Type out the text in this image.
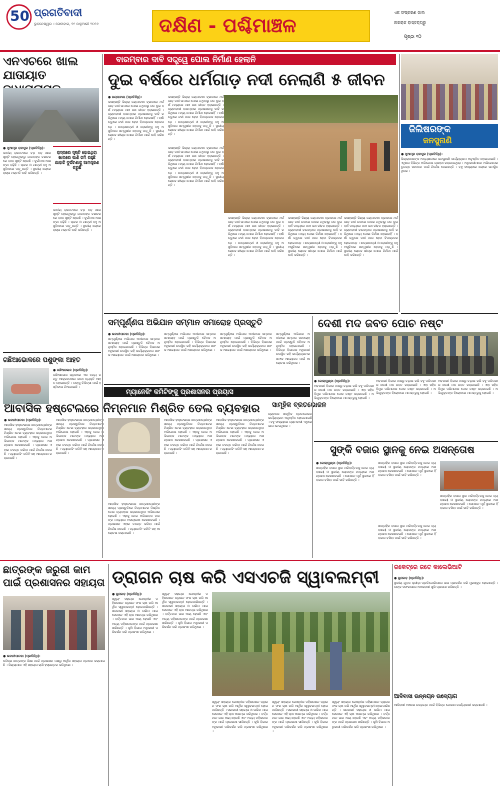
50 ପ୍ରଗତିବାଦୀ
ଭୁବନେଶ୍ୱର । ସୋମବାର, ୧୯ ଜାନୁଆରୀ ୨୦୨୬	ଦକ୍ଷିଣ - ପଶ୍ଚିମାଞ୍ଚଳ
ଏକ ସଂସ୍କରଣ ଜାଲ
ନାଗରାକ ବାସ୍ତବ୍ୟରୁ
ପୃଷ୍ଠା ୧୦
ଏନଏଚରେ ଖାଲ ଯାତାୟାତ
● ଥୁଆମୂଳ ରାମପୁର (ପ୍ରତିନିଧି):
ଜାତୀୟ ରାଜପଥରେ ବଡ଼ ବଡ଼ ଖାଲ ସୃଷ୍ଟି ହୋଇଥିବାରୁ ଯାନବାହନ ଚଳାଚଳରେ ବାଧା ସୃଷ୍ଟି ହେଉଛି । ଦୁର୍ଘଟଣା ଆଶଙ୍କା ବଢ଼ିଛି । ଚାଳକ ଓ ଯାତ୍ରୀ ବହୁ ଅସୁବିଧାରେ ପଡ଼ୁଛନ୍ତି । ସ୍ଥାନୀୟ ଲୋକେ ରାସ୍ତା ମରାମତି ଦାବି କରିଛନ୍ତି ।
ରାସ୍ତାରେ ସୃଷ୍ଟି ହୋଇଥିବା ଖାଲରେ ପାଣି ଜମି ରହୁଛି ଯାହାକି ଦୁର୍ଘଟଣାକୁ ଆମନ୍ତ୍ରଣ କରୁଛି
ଜାତୀୟ ରାଜପଥରେ ବଡ଼ ବଡ଼ ଖାଲ ସୃଷ୍ଟି ହୋଇଥିବାରୁ ଯାନବାହନ ଚଳାଚଳରେ ବାଧା ସୃଷ୍ଟି ହେଉଛି । ଦୁର୍ଘଟଣା ଆଶଙ୍କା ବଢ଼ିଛି । ଚାଳକ ଓ ଯାତ୍ରୀ ବହୁ ଅସୁବିଧାରେ ପଡ଼ୁଛନ୍ତି । ସ୍ଥାନୀୟ ଲୋକେ ରାସ୍ତା ମରାମତି ଦାବି କରିଛନ୍ତି ।
ଗଛିଆଭୋଳରେ ପଶୁଙ୍କା ଆହତ
● ଗଛିଆଭୋଳ (ପ୍ରତିନିଧି):
ଗଛିଆଭୋଳ ଗ୍ରାମରେ ଏକ ବନ୍ୟ ଜନ୍ତୁ ଆକ୍ରମଣରେ ଜଣେ ବ୍ୟକ୍ତି ଆହତ ହୋଇଛନ୍ତି । ତାଙ୍କୁ ଚିକିତ୍ସା ପାଇଁ ହସ୍ପିଟାଲ ନିଆଯାଇଛି ।
ବାରମ୍ବାର ଦାବି ସତ୍ତ୍ୱେ ପୋଲ ନିର୍ମାଣ ହେଲାନି
ଦୁଇ ବର୍ଷରେ ଧର୍ମଗାଡ଼ ନଦୀ ନେଲାଣି ୫ ଜୀବନ
● ଜୟପାଟଣା (ପ୍ରତିନିଧି):
କଳାହାଣ୍ଡି ଜିଲ୍ଲା ଜୟପାଟଣା ବ୍ଲକରେ ଧର୍ମଗାଡ଼ ନଦୀ ଉପରେ ପୋଲ ନଥିବାରୁ ଗତ ଦୁଇ ବର୍ଷ ମଧ୍ୟରେ ପାଞ୍ଚ ଜଣ ଜୀବନ ହରାଇଛନ୍ତି । ଗ୍ରାମବାସୀ ବାରମ୍ବାର ପ୍ରଶାସନକୁ ଦାବି କରିଥିଲେ ମଧ୍ୟ ପୋଲ ନିର୍ମାଣ ହୋଇନାହିଁ । ବର୍ଷା ଋତୁରେ ନଦୀ ପାର ହେବା ବିପଜ୍ଜନକ ହୋଇପଡ଼େ । ଛାତ୍ରଛାତ୍ରୀ ଓ ରୋଗୀଙ୍କୁ ବହୁ ଅସୁବିଧାର ସମ୍ମୁଖୀନ ହେବାକୁ ପଡ଼ୁଛି । ସ୍ଥାନୀୟ ଲୋକେ ଶୀଘ୍ର ପୋଲ ନିର୍ମାଣ ପାଇଁ ଦାବି କରିଛନ୍ତି ।
କଳାହାଣ୍ଡି ଜିଲ୍ଲା ଜୟପାଟଣା ବ୍ଲକରେ ଧର୍ମଗାଡ଼ ନଦୀ ଉପରେ ପୋଲ ନଥିବାରୁ ଗତ ଦୁଇ ବର୍ଷ ମଧ୍ୟରେ ପାଞ୍ଚ ଜଣ ଜୀବନ ହରାଇଛନ୍ତି  ଗ୍ରାମବାସୀ ବାରମ୍ବାର ପ୍ରଶାସନକୁ ଦାବି କରିଥିଲେ ମଧ୍ୟ ପୋଲ ନିର୍ମାଣ ହୋଇନାହିଁ । ବର୍ଷା ଋତୁରେ ନଦୀ ପାର ହେବା ବିପଜ୍ଜନକ ହୋଇପଡ଼େ । ଛାତ୍ରଛାତ୍ରୀ ଓ ରୋଗୀଙ୍କୁ ବହୁ ଅସୁବିଧାର ସମ୍ମୁଖୀନ ହେବାକୁ ପଡ଼ୁଛି । ସ୍ଥାନୀୟ ଲୋକେ ଶୀଘ୍ର ପୋଲ ନିର୍ମାଣ ପାଇଁ ଦାବି କରିଛନ୍ତି ।
କଳାହାଣ୍ଡି ଜିଲ୍ଲା ଜୟପାଟଣା ବ୍ଲକରେ ଧର୍ମଗାଡ଼ ନଦୀ ଉପରେ ପୋଲ ନଥିବାରୁ ଗତ ଦୁଇ ବର୍ଷ ମଧ୍ୟରେ ପାଞ୍ଚ ଜଣ ଜୀବନ ହରାଇଛନ୍ତି । ଗ୍ରାମବାସୀ ବାରମ୍ବାର ପ୍ରଶାସନକୁ ଦାବି କରିଥିଲେ ମଧ୍ୟ ପୋଲ ନିର୍ମାଣ ହୋଇନାହିଁ । ବର୍ଷା ଋତୁରେ ନଦୀ ପାର ହେବା ବିପଜ୍ଜନକ ହୋଇପଡ଼େ । ଛାତ୍ରଛାତ୍ରୀ ଓ ରୋଗୀଙ୍କୁ ବହୁ ଅସୁବିଧାର ସମ୍ମୁଖୀନ ହେବାକୁ ପଡ଼ୁଛି । ସ୍ଥାନୀୟ ଲୋକେ ଶୀଘ୍ର ପୋଲ ନିର୍ମାଣ ପାଇଁ ଦାବି କରିଛନ୍ତି ।
କଳାହାଣ୍ଡି ଜିଲ୍ଲା ଜୟପାଟଣା ବ୍ଲକରେ ଧର୍ମଗାଡ଼ ନଦୀ ଉପରେ ପୋଲ ନଥିବାରୁ ଗତ ଦୁଇ ବର୍ଷ ମଧ୍ୟରେ ପାଞ୍ଚ ଜଣ ଜୀବନ ହରାଇଛନ୍ତି । ଗ୍ରାମବାସୀ ବାରମ୍ବାର ପ୍ରଶାସନକୁ ଦାବି କରିଥିଲେ ମଧ୍ୟ ପୋଲ ନିର୍ମାଣ ହୋଇନାହିଁ । ବର୍ଷା ଋତୁରେ ନଦୀ ପାର ହେବା ବିପଜ୍ଜନକ ହୋଇପଡ଼େ । ଛାତ୍ରଛାତ୍ରୀ ଓ ରୋଗୀଙ୍କୁ ବହୁ ଅସୁବିଧାର ସମ୍ମୁଖୀନ ହେବାକୁ ପଡ଼ୁଛି । ସ୍ଥାନୀୟ ଲୋକେ ଶୀଘ୍ର ପୋଲ ନିର୍ମାଣ ପାଇଁ ଦାବି କରିଛନ୍ତି ।
କଳାହାଣ୍ଡି ଜିଲ୍ଲା ଜୟପାଟଣା ବ୍ଲକରେ ଧର୍ମଗାଡ଼ ନଦୀ ଉପରେ ପୋଲ ନଥିବାରୁ ଗତ ଦୁଇ ବର୍ଷ ମଧ୍ୟରେ ପାଞ୍ଚ ଜଣ ଜୀବନ ହରାଇଛନ୍ତି । ଗ୍ରାମବାସୀ ବାରମ୍ବାର ପ୍ରଶାସନକୁ ଦାବି କରିଥିଲେ ମଧ୍ୟ ପୋଲ ନିର୍ମାଣ ହୋଇନାହିଁ । ବର୍ଷା ଋତୁରେ ନଦୀ ପାର ହେବା ବିପଜ୍ଜନକ ହୋଇପଡ଼େ । ଛାତ୍ରଛାତ୍ରୀ ଓ ରୋଗୀଙ୍କୁ ବହୁ ଅସୁବିଧାର ସମ୍ମୁଖୀନ ହେବାକୁ ପଡ଼ୁଛି । ସ୍ଥାନୀୟ ଲୋକେ ଶୀଘ୍ର ପୋଲ ନିର୍ମାଣ ପାଇଁ ଦାବି କରିଛନ୍ତି ।
କଳାହାଣ୍ଡି ଜିଲ୍ଲା ଜୟପାଟଣା ବ୍ଲକରେ ଧର୍ମଗାଡ଼ ନଦୀ ଉପରେ ପୋଲ ନଥିବାରୁ ଗତ ଦୁଇ ବର୍ଷ ମଧ୍ୟରେ ପାଞ୍ଚ ଜଣ ଜୀବନ ହରାଇଛନ୍ତି । ଗ୍ରାମବାସୀ ବାରମ୍ବାର ପ୍ରଶାସନକୁ ଦାବି କରିଥିଲେ ମଧ୍ୟ ପୋଲ ନିର୍ମାଣ ହୋଇନାହିଁ । ବର୍ଷା ଋତୁରେ ନଦୀ ପାର ହେବା ବିପଜ୍ଜନକ ହୋଇପଡ଼େ । ଛାତ୍ରଛାତ୍ରୀ ଓ ରୋଗୀଙ୍କୁ ବହୁ ଅସୁବିଧାର ସମ୍ମୁଖୀନ ହେବାକୁ ପଡ଼ୁଛି । ସ୍ଥାନୀୟ ଲୋକେ ଶୀଘ୍ର ପୋଲ ନିର୍ମାଣ ପାଇଁ ଦାବି କରିଛନ୍ତି ।
ଜିଲିଷରଙ୍କ
ଜନସୁନାଣି
● ଥୁଆମୂଳ ରାମପୁର (ପ୍ରତିନିଧି):
ଜିଲ୍ଲାପାଳଙ୍କ ଅଧ୍ୟକ୍ଷତାରେ ଜନସୁଣାଣି କାର୍ଯ୍ୟକ୍ରମ ଅନୁଷ୍ଠିତ ହୋଇଯାଇଛି । ଏଥିରେ ବିଭିନ୍ନ ଅଭିଯୋଗ ଗ୍ରହଣ କରାଯାଇଥିଲା । ଅଧିକାରୀମାନେ ଅଭିଯୋଗର ତୁରନ୍ତ ସମାଧାନ ପାଇଁ ନିର୍ଦ୍ଦେଶ ଦେଇଛନ୍ତି । ବହୁ ସଂଖ୍ୟାରେ ଲୋକେ ଉପସ୍ଥିତ ଥିଲେ ।
ସମ୍ପୂର୍ଣ୍ଣତା ଅଭିଯାନ ସମ୍ମାନ ସମାରୋହ ପ୍ରସ୍ତୁତି
● ଭବାନୀପାଟଣା (ପ୍ରତିନିଧି):
ସମ୍ପୂର୍ଣ୍ଣତା ଅଭିଯାନ ଅଧୀନରେ ସମ୍ମାନ ସମାରୋହ ପାଇଁ ପ୍ରସ୍ତୁତି ବୈଠକ ଅନୁଷ୍ଠିତ ହୋଇଯାଇଛି । ବିଭିନ୍ନ ବିଭାଗର ଅଧିକାରୀ ଉପସ୍ଥିତ ରହି କାର୍ଯ୍ୟକ୍ରମର ସଫଳ ଆୟୋଜନ ପାଇଁ ଆଲୋଚନା କରିଥିଲେ ।
ସମ୍ପୂର୍ଣ୍ଣତା ଅଭିଯାନ ଅଧୀନରେ ସମ୍ମାନ ସମାରୋହ ପାଇଁ ପ୍ରସ୍ତୁତି ବୈଠକ ଅନୁଷ୍ଠିତ ହୋଇଯାଇଛି । ବିଭିନ୍ନ ବିଭାଗର ଅଧିକାରୀ ଉପସ୍ଥିତ ରହି କାର୍ଯ୍ୟକ୍ରମର ସଫଳ ଆୟୋଜନ ପାଇଁ ଆଲୋଚନା କରିଥିଲେ ।
ସମ୍ପୂର୍ଣ୍ଣତା ଅଭିଯାନ ଅଧୀନରେ ସମ୍ମାନ ସମାରୋହ ପାଇଁ ପ୍ରସ୍ତୁତି ବୈଠକ ଅନୁଷ୍ଠିତ ହୋଇଯାଇଛି । ବିଭିନ୍ନ ବିଭାଗର ଅଧିକାରୀ ଉପସ୍ଥିତ ରହି କାର୍ଯ୍ୟକ୍ରମର ସଫଳ ଆୟୋଜନ ପାଇଁ ଆଲୋଚନା କରିଥିଲେ ।
ସମ୍ପୂର୍ଣ୍ଣତା ଅଭିଯାନ ଅଧୀନରେ ସମ୍ମାନ ସମାରୋହ ପାଇଁ ପ୍ରସ୍ତୁତି ବୈଠକ ଅନୁଷ୍ଠିତ ହୋଇଯାଇଛି । ବିଭିନ୍ନ ବିଭାଗର ଅଧିକାରୀ ଉପସ୍ଥିତ ରହି କାର୍ଯ୍ୟକ୍ରମର ସଫଳ ଆୟୋଜନ ପାଇଁ ଆଲୋଚନା କରିଥିଲେ ।
ଦେଶୀ ମଦ ଜବତ ପୋଚ ନଷ୍ଟ
● ଗୋଲାମୁଣ୍ଡା (ପ୍ରତିନିଧି):
ଅବକାରୀ ବିଭାଗ ପକ୍ଷରୁ ଚଢ଼ାଉ କରି ବହୁ ପରିମାଣର ଦେଶୀ ମଦ ଜବତ କରାଯାଇଛି । ଏହା ସହିତ ବିପୁଳ ପରିମାଣର ପୋଚ ନଷ୍ଟ କରାଯାଇଛି । ଅଭିଯୁକ୍ତଙ୍କ ବିରୋଧରେ ମାମଲା ରୁଜୁ ହୋଇଛି ।
ଅବକାରୀ ବିଭାଗ ପକ୍ଷରୁ ଚଢ଼ାଉ କରି ବହୁ ପରିମାଣର ଦେଶୀ ମଦ ଜବତ କରାଯାଇଛି । ଏହା ସହିତ ବିପୁଳ ପରିମାଣର ପୋଚ ନଷ୍ଟ କରାଯାଇଛି । ଅଭିଯୁକ୍ତଙ୍କ ବିରୋଧରେ ମାମଲା ରୁଜୁ ହୋଇଛି ।
ଅବକାରୀ ବିଭାଗ ପକ୍ଷରୁ ଚଢ଼ାଉ କରି ବହୁ ପରିମାଣର ଦେଶୀ ମଦ ଜବତ କରାଯାଇଛି । ଏହା ସହିତ ବିପୁଳ ପରିମାଣର ପୋଚ ନଷ୍ଟ କରାଯାଇଛି । ଅଭିଯୁକ୍ତଙ୍କ ବିରୋଧରେ ମାମଲା ରୁଜୁ ହୋଇଛି ।
ମ୍ୟାନେଜିଂ କମିଟିଙ୍କୁ ପ୍ରଶାସନର ପ୍ରୟାସ
ଆବାସିକ ହଷ୍ଟେଲରେ ନିମ୍ନମାନ ମିଶ୍ରିତ ତେଲ ବ୍ୟବହାର
● ଭବାନୀପାଟଣା (ପ୍ରତିନିଧି):
ଆବାସିକ ହଷ୍ଟେଲରେ ଛାତ୍ରଛାତ୍ରୀଙ୍କ ଖାଦ୍ୟ ପ୍ରସ୍ତୁତିରେ ନିମ୍ନମାନର ମିଶ୍ରିତ ତେଲ ବ୍ୟବହାର କରାଯାଉଥିବା ଅଭିଯୋଗ ହୋଇଛି । ଏହାକୁ ନେଇ ଅଭିଭାବକ ମାନଙ୍କ ମଧ୍ୟରେ ଅସନ୍ତୋଷ ଦେଖାଦେଇଛି । ପ୍ରଶାସନ ଏହାର ତଦନ୍ତ କରିବା ପାଇଁ ନିର୍ଦ୍ଦେଶ ଦେଇଛି । ମ୍ୟାନେଜିଂ କମିଟି ସହ ଆଲୋଚନା କରାଯାଇଛି ।
ଆବାସିକ ହଷ୍ଟେଲରେ ଛାତ୍ରଛାତ୍ରୀଙ୍କ ଖାଦ୍ୟ ପ୍ରସ୍ତୁତିରେ ନିମ୍ନମାନର ମିଶ୍ରିତ ତେଲ ବ୍ୟବହାର କରାଯାଉଥିବା ଅଭିଯୋଗ ହୋଇଛି । ଏହାକୁ ନେଇ ଅଭିଭାବକ ମାନଙ୍କ ମଧ୍ୟରେ ଅସନ୍ତୋଷ ଦେଖାଦେଇଛି । ପ୍ରଶାସନ ଏହାର ତଦନ୍ତ କରିବା ପାଇଁ ନିର୍ଦ୍ଦେଶ ଦେଇଛି । ମ୍ୟାନେଜିଂ କମିଟି ସହ ଆଲୋଚନା କରାଯାଇଛି ।
ଆବାସିକ ହଷ୍ଟେଲରେ ଛାତ୍ରଛାତ୍ରୀଙ୍କ ଖାଦ୍ୟ ପ୍ରସ୍ତୁତିରେ ନିମ୍ନମାନର ମିଶ୍ରିତ ତେଲ ବ୍ୟବହାର କରାଯାଉଥିବା ଅଭିଯୋଗ ହୋଇଛି । ଏହାକୁ ନେଇ ଅଭିଭାବକ ମାନଙ୍କ ମଧ୍ୟରେ ଅସନ୍ତୋଷ ଦେଖାଦେଇଛି । ପ୍ରଶାସନ ଏହାର ତଦନ୍ତ କରିବା ପାଇଁ ନିର୍ଦ୍ଦେଶ ଦେଇଛି । ମ୍ୟାନେଜିଂ କମିଟି ସହ ଆଲୋଚନା କରାଯାଇଛି ।
ଆବାସିକ ହଷ୍ଟେଲରେ ଛାତ୍ରଛାତ୍ରୀଙ୍କ ଖାଦ୍ୟ ପ୍ରସ୍ତୁତିରେ ନିମ୍ନମାନର ମିଶ୍ରିତ ତେଲ ବ୍ୟବହାର କରାଯାଉଥିବା ଅଭିଯୋଗ ହୋଇଛି । ଏହାକୁ ନେଇ ଅଭିଭାବକ ମାନଙ୍କ ମଧ୍ୟରେ ଅସନ୍ତୋଷ ଦେଖାଦେଇଛି । ପ୍ରଶାସନ ଏହାର ତଦନ୍ତ କରିବା ପାଇଁ ନିର୍ଦ୍ଦେଶ ଦେଇଛି । ମ୍ୟାନେଜିଂ କମିଟି ସହ ଆଲୋଚନା କରାଯାଇଛି ।
ଆବାସିକ ହଷ୍ଟେଲରେ ଛାତ୍ରଛାତ୍ରୀଙ୍କ ଖାଦ୍ୟ ପ୍ରସ୍ତୁତିରେ ନିମ୍ନମାନର ମିଶ୍ରିତ ତେଲ ବ୍ୟବହାର କରାଯାଉଥିବା ଅଭିଯୋଗ ହୋଇଛି । ଏହାକୁ ନେଇ ଅଭିଭାବକ ମାନଙ୍କ ମଧ୍ୟରେ ଅସନ୍ତୋଷ ଦେଖାଦେଇଛି । ପ୍ରଶାସନ ଏହାର ତଦନ୍ତ କରିବା ପାଇଁ ନିର୍ଦ୍ଦେଶ ଦେଇଛି । ମ୍ୟାନେଜିଂ କମିଟି ସହ ଆଲୋଚନା କରାଯାଇଛି ।
ସାମୂହିକ ବ୍ରତଭୋଜନ
ଗ୍ରାମରେ ସାମୂହିକ ବ୍ରତଭୋଜନ କାର୍ଯ୍ୟକ୍ରମ ଅନୁଷ୍ଠିତ ହୋଇଯାଇଛି । ବହୁ ସଂଖ୍ୟାରେ ଗ୍ରାମବାସୀ ଏଥିରେ ଭାଗ ନେଇଥିଲେ ।
ସୁଙ୍କି ବଜାର ସ୍ଥାନକୁ ନେଇ ଅସନ୍ତୋଷ
● ଗୋଲାମୁଣ୍ଡା (ପ୍ରତିନିଧି):
ସାପ୍ତାହିକ ବଜାର ସ୍ଥାନ ପରିବର୍ତ୍ତନକୁ ନେଇ ବ୍ୟବସାୟୀ ଓ ସ୍ଥାନୀୟ ଲୋକଙ୍କ ମଧ୍ୟରେ ଅସନ୍ତୋଷ ଦେଖାଦେଇଛି । ସେମାନେ ପୂର୍ବ ସ୍ଥାନରେ ହିଁ ବଜାର ବସିବା ପାଇଁ ଦାବି କରିଛନ୍ତି ।
ସାପ୍ତାହିକ ବଜାର ସ୍ଥାନ ପରିବର୍ତ୍ତନକୁ ନେଇ ବ୍ୟବସାୟୀ ଓ ସ୍ଥାନୀୟ ଲୋକଙ୍କ ମଧ୍ୟରେ ଅସନ୍ତୋଷ ଦେଖାଦେଇଛି । ସେମାନେ ପୂର୍ବ ସ୍ଥାନରେ ହିଁ ବଜାର ବସିବା ପାଇଁ ଦାବି କରିଛନ୍ତି ।
ସାପ୍ତାହିକ ବଜାର ସ୍ଥାନ ପରିବର୍ତ୍ତନକୁ ନେଇ ବ୍ୟବସାୟୀ ଓ ସ୍ଥାନୀୟ ଲୋକଙ୍କ ମଧ୍ୟରେ ଅସନ୍ତୋଷ ଦେଖାଦେଇଛି । ସେମାନେ ପୂର୍ବ ସ୍ଥାନରେ ହିଁ ବଜାର ବସିବା ପାଇଁ ଦାବି କରିଛନ୍ତି ।
ସାପ୍ତାହିକ ବଜାର ସ୍ଥାନ ପରିବର୍ତ୍ତନକୁ ନେଇ ବ୍ୟବସାୟୀ ଓ ସ୍ଥାନୀୟ ଲୋକଙ୍କ ମଧ୍ୟରେ ଅସନ୍ତୋଷ ଦେଖାଦେଇଛି । ସେମାନେ ପୂର୍ବ ସ୍ଥାନରେ ହିଁ ବଜାର ବସିବା ପାଇଁ ଦାବି କରିଛନ୍ତି ।
ଛାତ୍ରଙ୍କ ଜରୁରୀ କାମ ପାଇଁ ପ୍ରଶାସନର ସହାୟତା
● ଭବାନୀପାଟଣା (ପ୍ରତିନିଧି):
ଦରିଦ୍ର ଛାତ୍ରଙ୍କ ଶିକ୍ଷା ପାଇଁ ପ୍ରଶାସନ ପକ୍ଷରୁ ଆର୍ଥିକ ସହାୟତା ପ୍ରଦାନ କରାଯାଇଛି । ଜିଲ୍ଲାପାଳ ଏହି ସହାୟତା ରାଶି ହସ୍ତାନ୍ତର କରିଥିଲେ ।
ଡ୍ରାଗନ ଚାଷ କରି ଏସଏଚଜି ସ୍ୱାବଲମ୍ବୀ
● ଜୁନାଗଡ଼ (ପ୍ରତିନିଧି):
ସ୍ୱୟଂ ସହାୟକ ଗୋଷ୍ଠୀର ମହିଳାମାନେ ଡ୍ରାଗନ ଫଳ ଚାଷ କରି ଆର୍ଥିକ ସ୍ୱାବଲମ୍ବୀ ହୋଇପାରିଛନ୍ତି । ସରକାରୀ ସହାୟତା ଓ ତାଲିମ ପାଇ ସେମାନେ ଏହି ଚାଷ ଆରମ୍ଭ କରିଥିଲେ । ବର୍ତ୍ତମାନ ଭଲ ଆୟ ହେଉଛି ଏବଂ ଅନ୍ୟ ମହିଳାମାନଙ୍କ ପାଇଁ ପ୍ରେରଣା ସାଜିଛନ୍ତି । କୃଷି ବିଭାଗ ଅଧିକାରୀ ପରିଦର୍ଶନ କରି ପ୍ରଶଂସା କରିଥିଲେ ।
ସ୍ୱୟଂ ସହାୟକ ଗୋଷ୍ଠୀର ମହିଳାମାନେ ଡ୍ରାଗନ ଫଳ ଚାଷ କରି ଆର୍ଥିକ ସ୍ୱାବଲମ୍ବୀ ହୋଇପାରିଛନ୍ତି । ସରକାରୀ ସହାୟତା ଓ ତାଲିମ ପାଇ ସେମାନେ ଏହି ଚାଷ ଆରମ୍ଭ କରିଥିଲେ । ବର୍ତ୍ତମାନ ଭଲ ଆୟ ହେଉଛି ଏବଂ ଅନ୍ୟ ମହିଳାମାନଙ୍କ ପାଇଁ ପ୍ରେରଣା ସାଜିଛନ୍ତି । କୃଷି ବିଭାଗ ଅଧିକାରୀ ପରିଦର୍ଶନ କରି ପ୍ରଶଂସା କରିଥିଲେ ।
ସ୍ୱୟଂ ସହାୟକ ଗୋଷ୍ଠୀର ମହିଳାମାନେ ଡ୍ରାଗନ ଫଳ ଚାଷ କରି ଆର୍ଥିକ ସ୍ୱାବଲମ୍ବୀ ହୋଇପାରିଛନ୍ତି । ସରକାରୀ ସହାୟତା ଓ ତାଲିମ ପାଇ ସେମାନେ ଏହି ଚାଷ ଆରମ୍ଭ କରିଥିଲେ । ବର୍ତ୍ତମାନ ଭଲ ଆୟ ହେଉଛି ଏବଂ ଅନ୍ୟ ମହିଳାମାନଙ୍କ ପାଇଁ ପ୍ରେରଣା ସାଜିଛନ୍ତି । କୃଷି ବିଭାଗ ଅଧିକାରୀ ପରିଦର୍ଶନ କରି ପ୍ରଶଂସା କରିଥିଲେ ।
ସ୍ୱୟଂ ସହାୟକ ଗୋଷ୍ଠୀର ମହିଳାମାନେ ଡ୍ରାଗନ ଫଳ ଚାଷ କରି ଆର୍ଥିକ ସ୍ୱାବଲମ୍ବୀ ହୋଇପାରିଛନ୍ତି । ସରକାରୀ ସହାୟତା ଓ ତାଲିମ ପାଇ ସେମାନେ ଏହି ଚାଷ ଆରମ୍ଭ କରିଥିଲେ । ବର୍ତ୍ତମାନ ଭଲ ଆୟ ହେଉଛି ଏବଂ ଅନ୍ୟ ମହିଳାମାନଙ୍କ ପାଇଁ ପ୍ରେରଣା ସାଜିଛନ୍ତି । କୃଷି ବିଭାଗ ଅଧିକାରୀ ପରିଦର୍ଶନ କରି ପ୍ରଶଂସା କରିଥିଲେ ।
ସ୍ୱୟଂ ସହାୟକ ଗୋଷ୍ଠୀର ମହିଳାମାନେ ଡ୍ରାଗନ ଫଳ ଚାଷ କରି ଆର୍ଥିକ ସ୍ୱାବଲମ୍ବୀ ହୋଇପାରିଛନ୍ତି । ସରକାରୀ ସହାୟତା ଓ ତାଲିମ ପାଇ ସେମାନେ ଏହି ଚାଷ ଆରମ୍ଭ କରିଥିଲେ । ବର୍ତ୍ତମାନ ଭଲ ଆୟ ହେଉଛି ଏବଂ ଅନ୍ୟ ମହିଳାମାନଙ୍କ ପାଇଁ ପ୍ରେରଣା ସାଜିଛନ୍ତି । କୃଷି ବିଭାଗ ଅଧିକାରୀ ପରିଦର୍ଶନ କରି ପ୍ରଶଂସା କରିଥିଲେ ।
ରକେଟ୍‌ରେ ଜତେ କାଲେଭିଆଟି
● ଜୁନାଗଡ଼ (ପ୍ରତିନିଧି):
ସ୍ଥାନୀୟ ଯୁବକ କ୍ରୀଡ଼ା ପ୍ରତିଯୋଗିତାରେ ଭଲ ପ୍ରଦର୍ଶନ କରି ପୁରସ୍କୃତ ହୋଇଛନ୍ତି । ତାଙ୍କ ସଫଳତାରେ ଅଞ୍ଚଳବାସୀ ଖୁସି ପ୍ରକାଶ କରିଛନ୍ତି ।
ଆଦିବାସୀ ଉନ୍ନୟନ ଉଦ୍ୟୋଗ
ଆଦିବାସୀ ଅଞ୍ଚଳର ଉନ୍ନୟନ ପାଇଁ ବିଭିନ୍ନ ଯୋଜନା କାର୍ଯ୍ୟକାରୀ କରାଯାଉଛି ।
